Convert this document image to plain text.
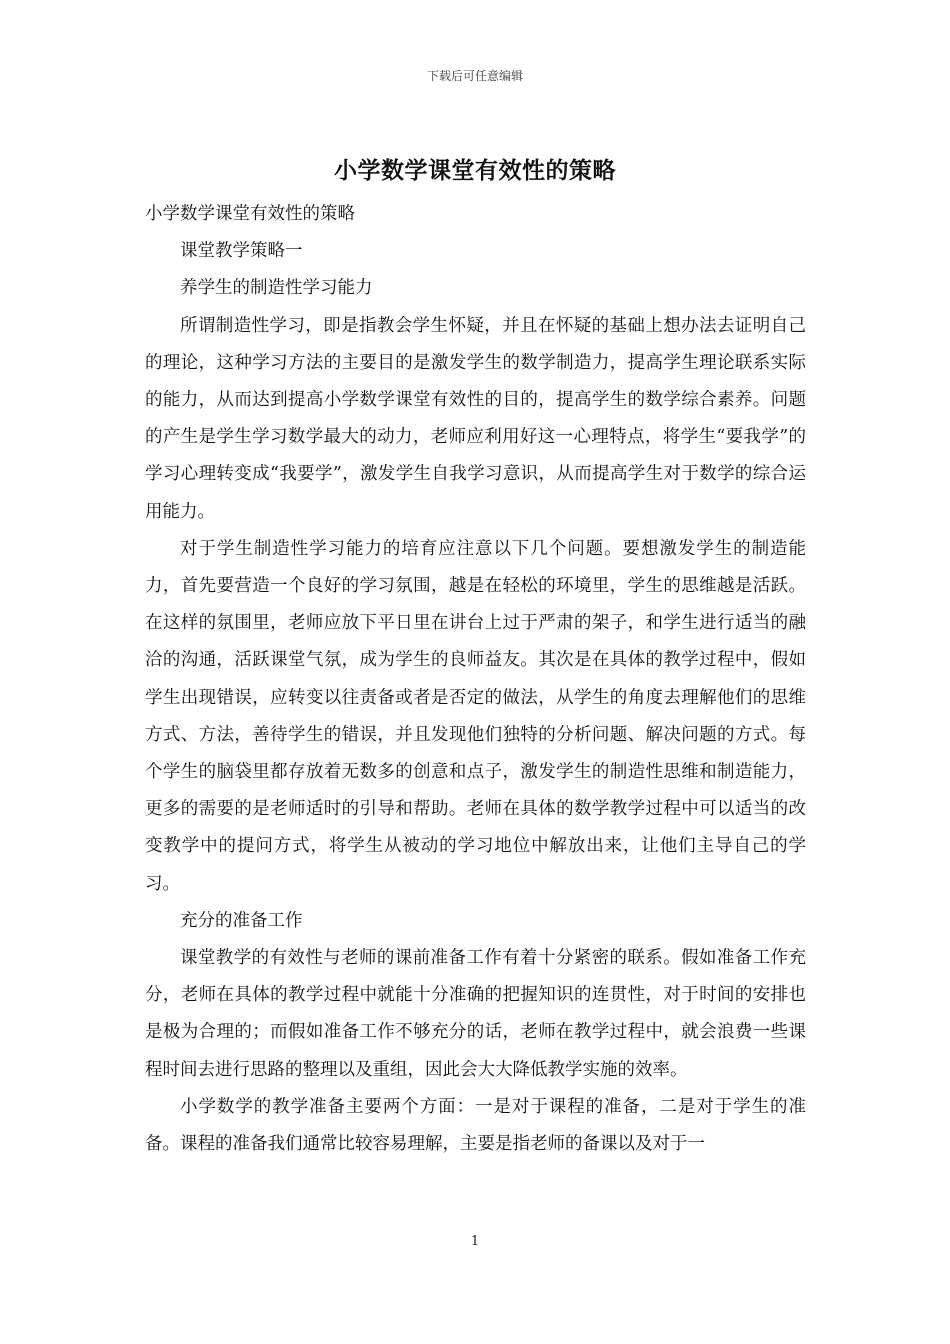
下载后可任意编辑
小学数学课堂有效性的策略

小学数学课堂有效性的策略

课堂教学策略一

养学生的制造性学习能力

所谓制造性学习，即是指教会学生怀疑，并且在怀疑的基础上想办法去证明自己的理论，这种学习方法的主要目的是激发学生的数学制造力，提高学生理论联系实际的能力，从而达到提高小学数学课堂有效性的目的，提高学生的数学综合素养。问题的产生是学生学习数学最大的动力，老师应利用好这一心理特点，将学生“要我学”的学习心理转变成“我要学”，激发学生自我学习意识，从而提高学生对于数学的综合运用能力。

对于学生制造性学习能力的培育应注意以下几个问题。要想激发学生的制造能力，首先要营造一个良好的学习氛围，越是在轻松的环境里，学生的思维越是活跃。在这样的氛围里，老师应放下平日里在讲台上过于严肃的架子，和学生进行适当的融洽的沟通，活跃课堂气氛，成为学生的良师益友。其次是在具体的教学过程中，假如学生出现错误，应转变以往责备或者是否定的做法，从学生的角度去理解他们的思维方式、方法，善待学生的错误，并且发现他们独特的分析问题、解决问题的方式。每个学生的脑袋里都存放着无数多的创意和点子，激发学生的制造性思维和制造能力，更多的需要的是老师适时的引导和帮助。老师在具体的数学教学过程中可以适当的改变教学中的提问方式，将学生从被动的学习地位中解放出来，让他们主导自己的学习。

充分的准备工作

课堂教学的有效性与老师的课前准备工作有着十分紧密的联系。假如准备工作充分，老师在具体的教学过程中就能十分准确的把握知识的连贯性，对于时间的安排也是极为合理的；而假如准备工作不够充分的话，老师在教学过程中，就会浪费一些课程时间去进行思路的整理以及重组，因此会大大降低教学实施的效率。

小学数学的教学准备主要两个方面：一是对于课程的准备，二是对于学生的准备。课程的准备我们通常比较容易理解，主要是指老师的备课以及对于一

1
